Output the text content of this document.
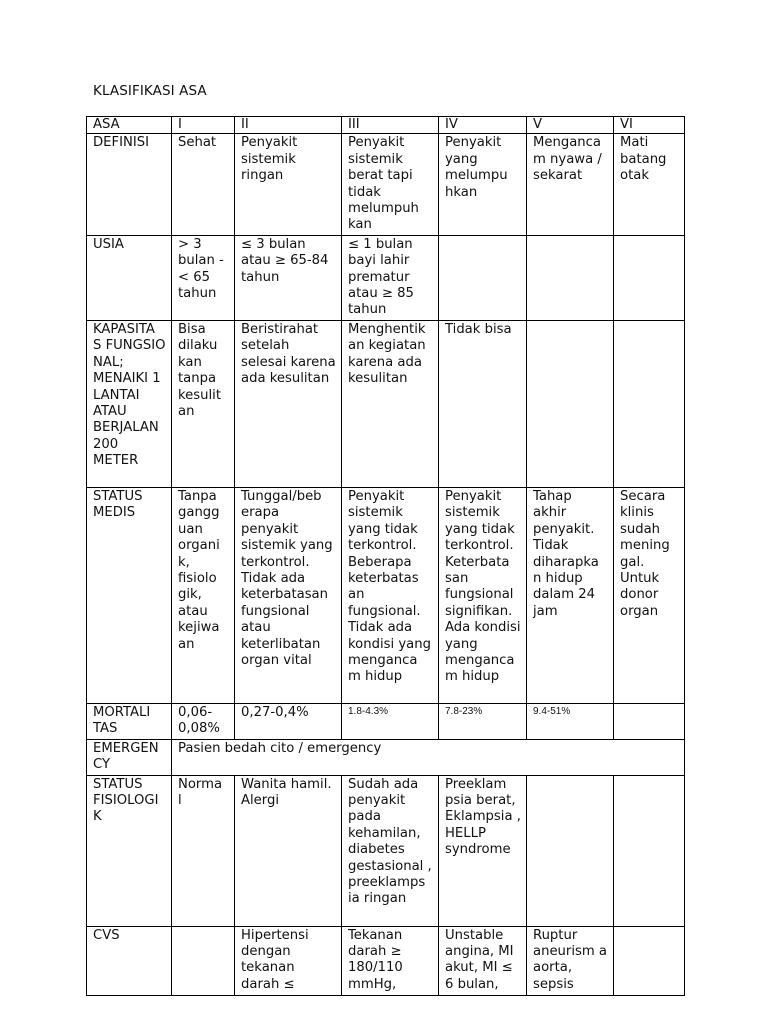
KLASIFIKASI ASA
ASA	I	II	III	IV	V	VI
DEFINISI	Sehat	Penyakit sistemik ringan	Penyakit sistemik berat tapi tidak melumpuh kan	Penyakit yang melumpu hkan	Menganca m nyawa / sekarat	Mati batang otak
USIA	> 3 bulan - < 65 tahun	≤ 3 bulan atau ≥ 65-84 tahun	≤ 1 bulan bayi lahir prematur atau ≥ 85 tahun			
KAPASITA S FUNGSIO NAL; MENAIKI 1 LANTAI ATAU BERJALAN 200 METER	Bisa dilaku kan tanpa kesulit an	Beristirahat setelah selesai karena ada kesulitan	Menghentik an kegiatan karena ada kesulitan	Tidak bisa		
STATUS MEDIS	Tanpa gangg uan organi k, fisiolo gik, atau kejiwa an	Tunggal/beb erapa penyakit sistemik yang terkontrol. Tidak ada keterbatasan fungsional atau keterlibatan organ vital	Penyakit sistemik yang tidak terkontrol. Beberapa keterbatas an fungsional. Tidak ada kondisi yang menganca m hidup	Penyakit sistemik yang tidak terkontrol. Keterbata san fungsional signifikan. Ada kondisi yang menganca m hidup	Tahap akhir penyakit. Tidak diharapka n hidup dalam 24 jam	Secara klinis sudah mening gal. Untuk donor organ
MORTALI TAS	0,06-0,08%	0,27-0,4%	1.8-4.3%	7.8-23%	9.4-51%	
EMERGEN CY	Pasien bedah cito / emergency					
STATUS FISIOLOGI K	Norma l	Wanita hamil. Alergi	Sudah ada penyakit pada kehamilan, diabetes gestasional , preeklamps ia ringan	Preeklam psia berat, Eklampsia , HELLP syndrome		
CVS		Hipertensi dengan tekanan darah ≤	Tekanan darah ≥ 180/110 mmHg,	Unstable angina, MI akut, MI ≤ 6 bulan,	Ruptur aneurism a aorta, sepsis	
